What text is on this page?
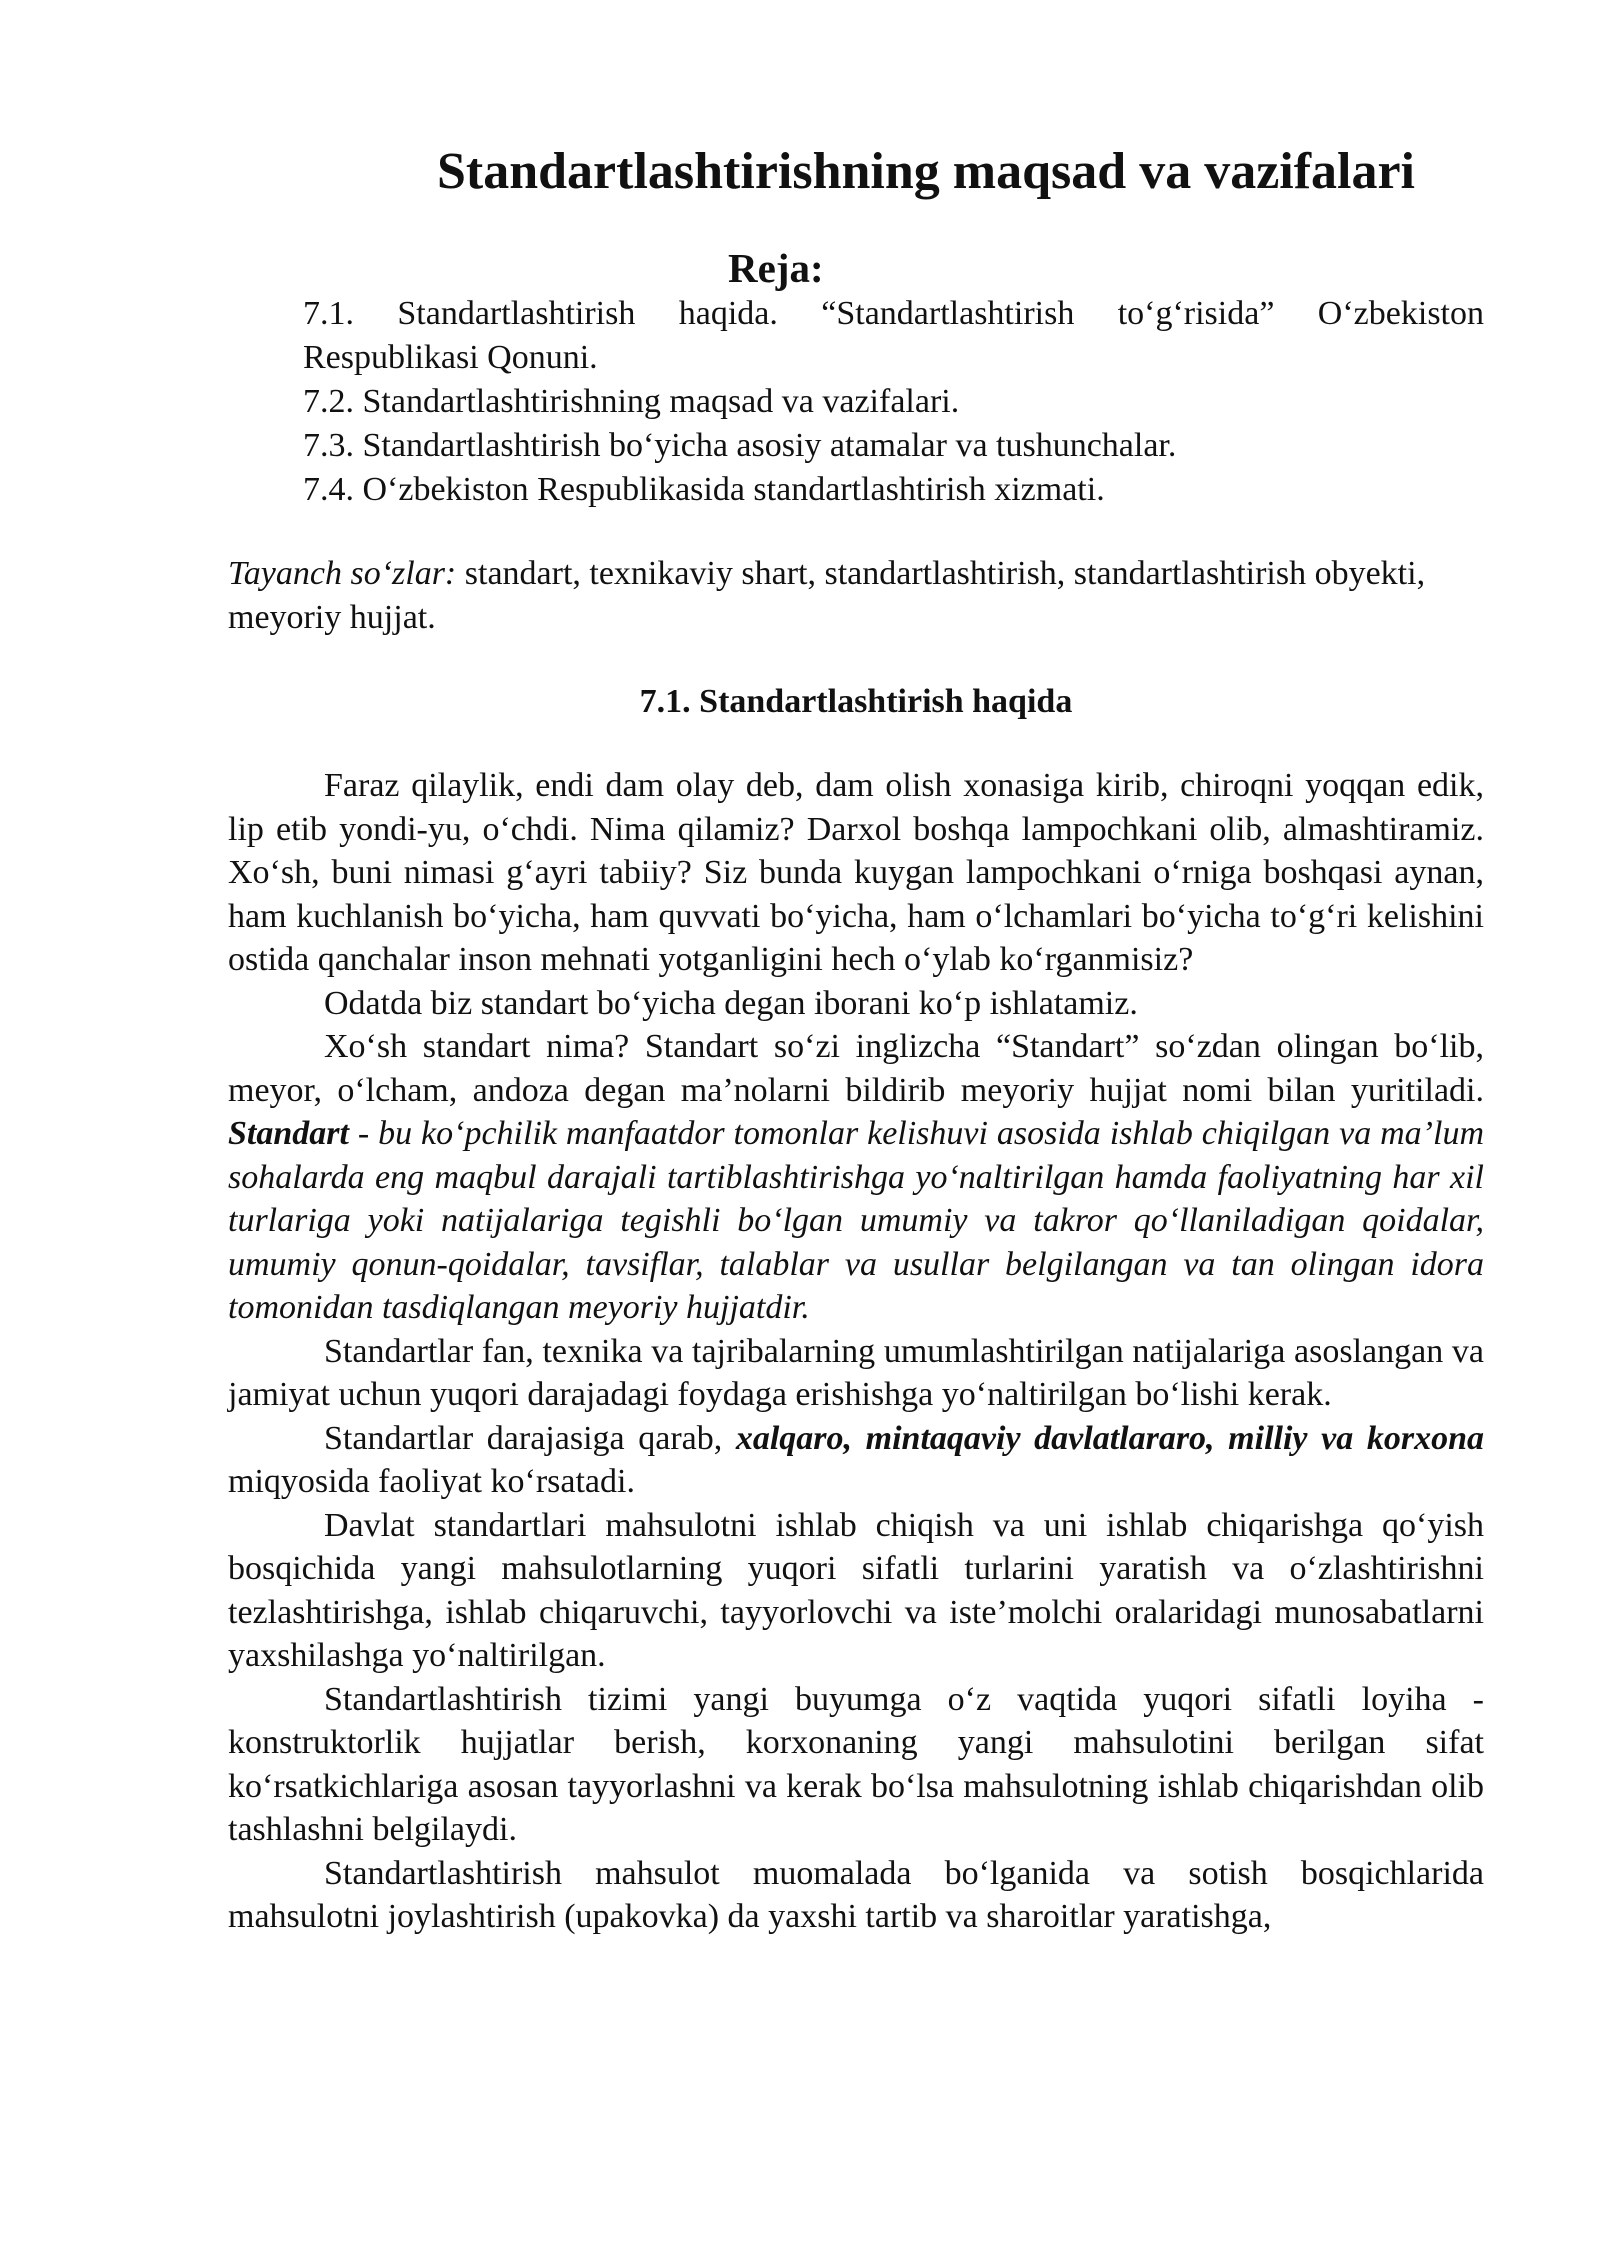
Standartlashtirishning maqsad va vazifalari
Reja:

7.1. Standartlashtirish haqida. “Standartlashtirish to‘g‘risida” O‘zbekiston Respublikasi Qonuni.

7.2. Standartlashtirishning maqsad va vazifalari.

7.3. Standartlashtirish bo‘yicha asosiy atamalar va tushunchalar.

7.4. O‘zbekiston Respublikasida standartlashtirish xizmati.

Tayanch so‘zlar: standart, texnikaviy shart, standartlashtirish, standartlashtirish obyekti, meyoriy hujjat.

7.1. Standartlashtirish haqida

Faraz qilaylik, endi dam olay deb, dam olish xonasiga kirib, chiroqni yoqqan edik, lip etib yondi-yu, o‘chdi. Nima qilamiz? Darxol boshqa lampochkani olib, almashtiramiz. Xo‘sh, buni nimasi g‘ayri tabiiy? Siz bunda kuygan lampochkani o‘rniga boshqasi aynan, ham kuchlanish bo‘yicha, ham quvvati bo‘yicha, ham o‘lchamlari bo‘yicha to‘g‘ri kelishini ostida qanchalar inson mehnati yotganligini hech o‘ylab ko‘rganmisiz?

Odatda biz standart bo‘yicha degan iborani ko‘p ishlatamiz.

Xo‘sh standart nima? Standart so‘zi inglizcha “Standart” so‘zdan olingan bo‘lib, meyor, o‘lcham, andoza degan ma’nolarni bildirib meyoriy hujjat nomi bilan yuritiladi. Standart - bu ko‘pchilik manfaatdor tomonlar kelishuvi asosida ishlab chiqilgan va ma’lum sohalarda eng maqbul darajali tartiblashtirishga yo‘naltirilgan hamda faoliyatning har xil turlariga yoki natijalariga tegishli bo‘lgan umumiy va takror qo‘llaniladigan qoidalar, umumiy qonun-qoidalar, tavsiflar, talablar va usullar belgilangan va tan olingan idora tomonidan tasdiqlangan meyoriy hujjatdir.

Standartlar fan, texnika va tajribalarning umumlashtirilgan natijalariga asoslangan va jamiyat uchun yuqori darajadagi foydaga erishishga yo‘naltirilgan bo‘lishi kerak.

Standartlar darajasiga qarab, xalqaro, mintaqaviy davlatlararo, milliy va korxona miqyosida faoliyat ko‘rsatadi.

Davlat standartlari mahsulotni ishlab chiqish va uni ishlab chiqarishga qo‘yish bosqichida yangi mahsulotlarning yuqori sifatli turlarini yaratish va o‘zlashtirishni tezlashtirishga, ishlab chiqaruvchi, tayyorlovchi va iste’molchi oralaridagi munosabatlarni yaxshilashga yo‘naltirilgan.

Standartlashtirish tizimi yangi buyumga o‘z vaqtida yuqori sifatli loyiha - konstruktorlik hujjatlar berish, korxonaning yangi mahsulotini berilgan sifat ko‘rsatkichlariga asosan tayyorlashni va kerak bo‘lsa mahsulotning ishlab chiqarishdan olib tashlashni belgilaydi.

Standartlashtirish mahsulot muomalada bo‘lganida va sotish bosqichlarida mahsulotni joylashtirish (upakovka) da yaxshi tartib va sharoitlar yaratishga,
